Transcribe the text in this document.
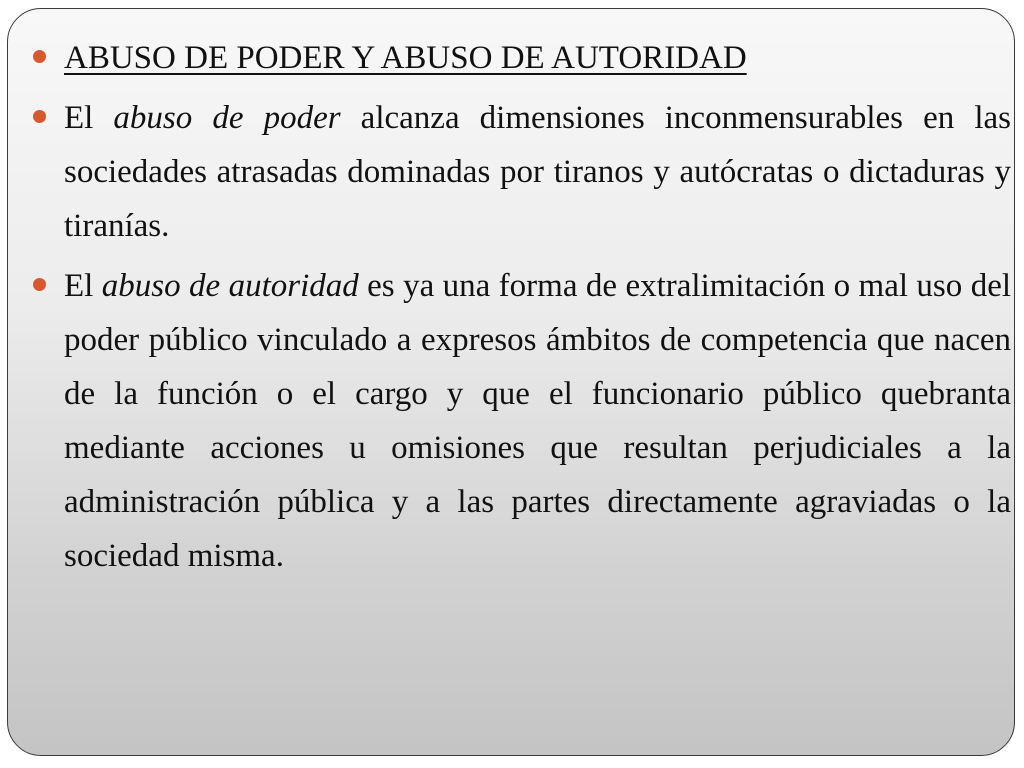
ABUSO DE PODER Y ABUSO DE AUTORIDAD
El abuso de poder alcanza dimensiones inconmensurables en las sociedades atrasadas dominadas por tiranos y autócratas o dictaduras y tiranías.
El abuso de autoridad es ya una forma de extralimitación o mal uso del poder público vinculado a expresos ámbitos de competencia que nacen de la función o el cargo y que el funcionario público quebranta mediante acciones u omisiones que resultan perjudiciales a la administración pública y a las partes directamente agraviadas o la sociedad misma.
